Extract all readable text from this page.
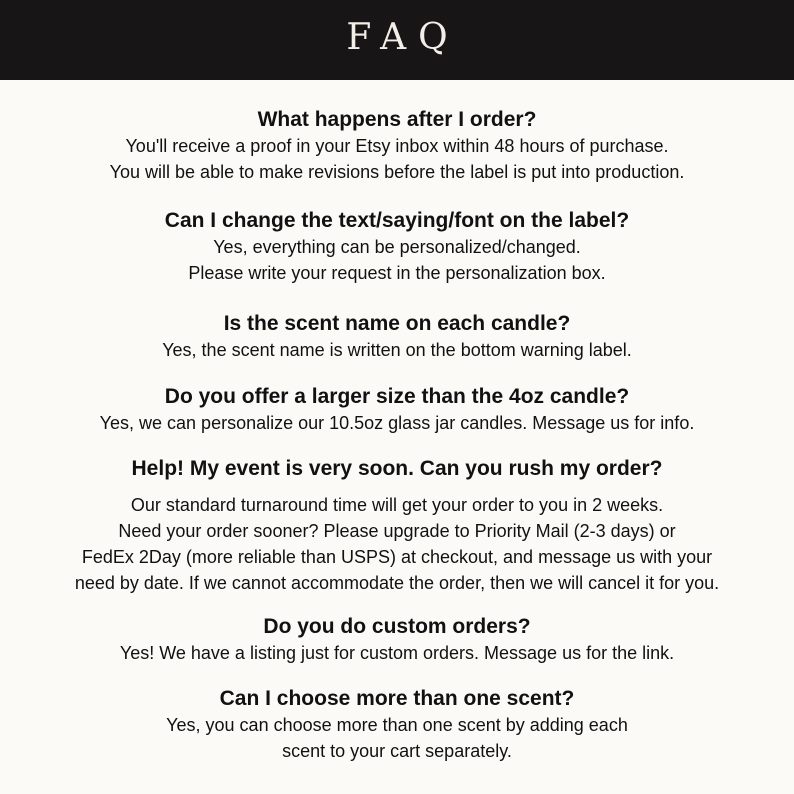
FAQ

What happens after I order?

You'll receive a proof in your Etsy inbox within 48 hours of purchase.

You will be able to make revisions before the label is put into production.

Can I change the text/saying/font on the label?

Yes, everything can be personalized/changed.

Please write your request in the personalization box.

Is the scent name on each candle?

Yes, the scent name is written on the bottom warning label.

Do you offer a larger size than the 4oz candle?

Yes, we can personalize our 10.5oz glass jar candles. Message us for info.

Help! My event is very soon. Can you rush my order?

Our standard turnaround time will get your order to you in 2 weeks.

Need your order sooner? Please upgrade to Priority Mail (2-3 days) or

FedEx 2Day (more reliable than USPS) at checkout, and message us with your

need by date. If we cannot accommodate the order, then we will cancel it for you.

Do you do custom orders?

Yes! We have a listing just for custom orders. Message us for the link.

Can I choose more than one scent?

Yes, you can choose more than one scent by adding each

scent to your cart separately.
